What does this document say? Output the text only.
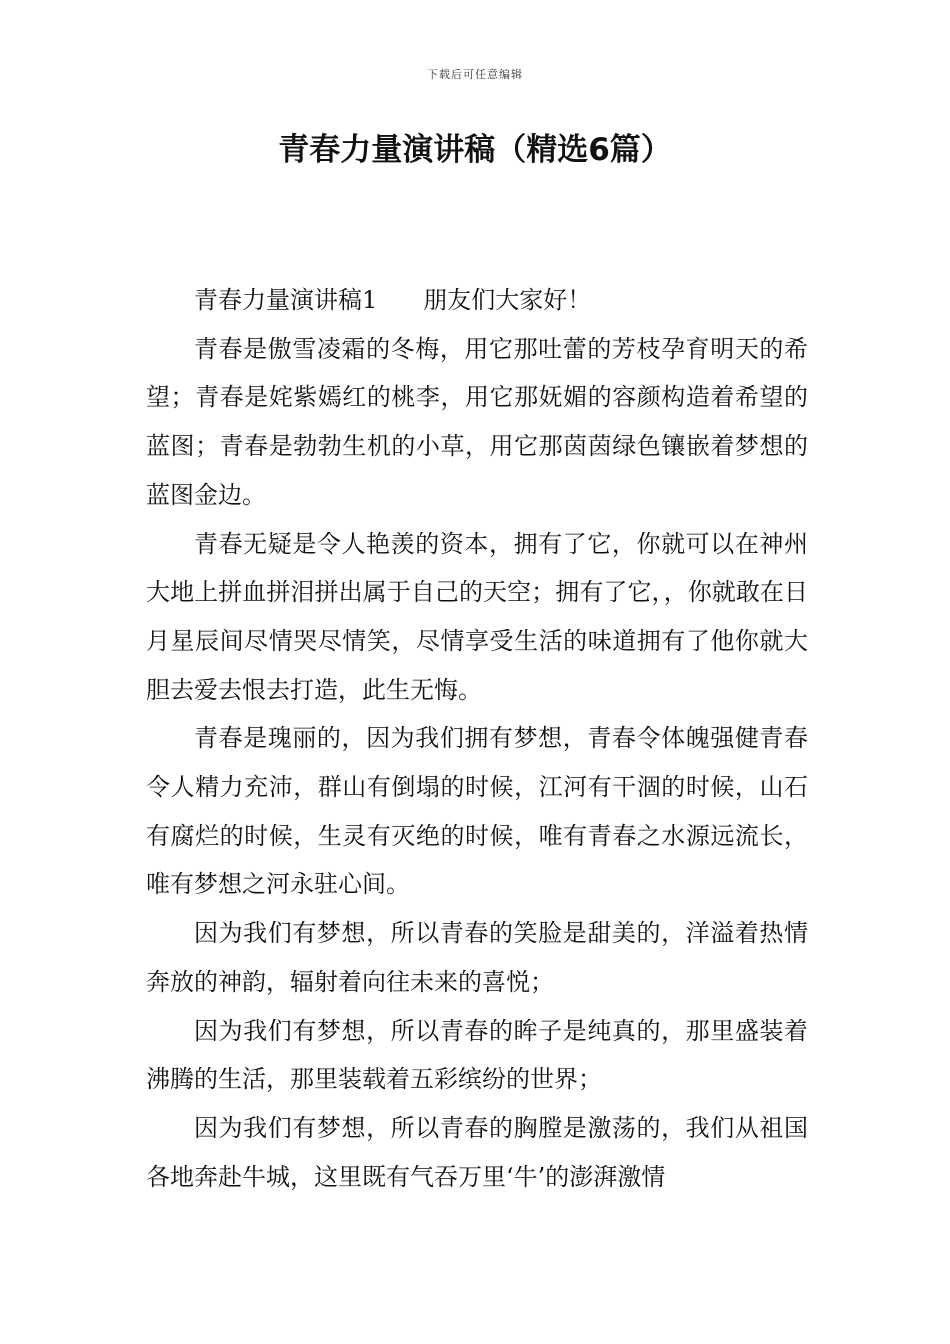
下载后可任意编辑
青春力量演讲稿（精选6篇）

青春力量演讲稿1 朋友们大家好！

青春是傲雪凌霜的冬梅，用它那吐蕾的芳枝孕育明天的希望；青春是姹紫嫣红的桃李，用它那妩媚的容颜构造着希望的蓝图；青春是勃勃生机的小草，用它那茵茵绿色镶嵌着梦想的蓝图金边。

青春无疑是令人艳羡的资本，拥有了它，你就可以在神州大地上拼血拼泪拼出属于自己的天空；拥有了它，，你就敢在日月星辰间尽情哭尽情笑，尽情享受生活的味道拥有了他你就大胆去爱去恨去打造，此生无悔。

青春是瑰丽的，因为我们拥有梦想，青春令体魄强健青春令人精力充沛，群山有倒塌的时候，江河有干涸的时候，山石有腐烂的时候，生灵有灭绝的时候，唯有青春之水源远流长，唯有梦想之河永驻心间。

因为我们有梦想，所以青春的笑脸是甜美的，洋溢着热情奔放的神韵，辐射着向往未来的喜悦；

因为我们有梦想，所以青春的眸子是纯真的，那里盛装着沸腾的生活，那里装载着五彩缤纷的世界；

因为我们有梦想，所以青春的胸膛是激荡的，我们从祖国各地奔赴牛城，这里既有气吞万里‘牛’的澎湃激情
